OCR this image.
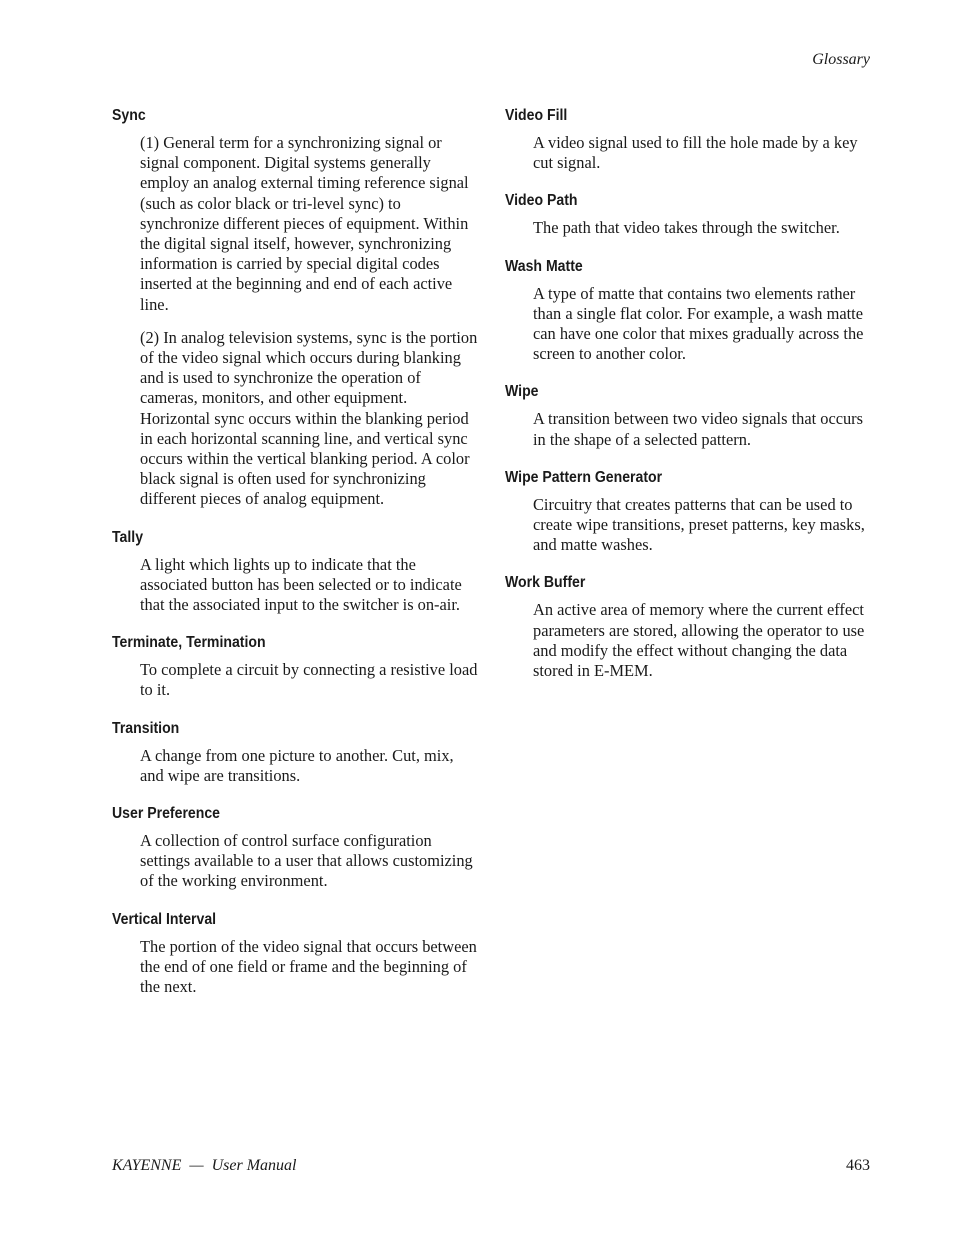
Glossary
Sync

(1) General term for a synchronizing signal or signal component. Digital systems generally employ an analog external timing reference signal (such as color black or tri-level sync) to synchronize different pieces of equipment. Within the digital signal itself, however, synchronizing information is carried by special digital codes inserted at the beginning and end of each active line.

(2) In analog television systems, sync is the portion of the video signal which occurs during blanking and is used to synchronize the operation of cameras, monitors, and other equipment. Horizontal sync occurs within the blanking period in each horizontal scanning line, and vertical sync occurs within the vertical blanking period. A color black signal is often used for synchronizing different pieces of analog equipment.

Tally

A light which lights up to indicate that the associated button has been selected or to indicate that the associated input to the switcher is on-air.

Terminate, Termination

To complete a circuit by connecting a resistive load to it.

Transition

A change from one picture to another. Cut, mix, and wipe are transitions.

User Preference

A collection of control surface configuration settings available to a user that allows customizing of the working environment.

Vertical Interval

The portion of the video signal that occurs between the end of one field or frame and the beginning of the next.

Video Fill

A video signal used to fill the hole made by a key cut signal.

Video Path

The path that video takes through the switcher.

Wash Matte

A type of matte that contains two elements rather than a single flat color. For example, a wash matte can have one color that mixes gradually across the screen to another color.

Wipe

A transition between two video signals that occurs in the shape of a selected pattern.

Wipe Pattern Generator

Circuitry that creates patterns that can be used to create wipe transitions, preset patterns, key masks, and matte washes.

Work Buffer

An active area of memory where the current effect parameters are stored, allowing the operator to use and modify the effect without changing the data stored in E-MEM.

KAYENNE  —  User Manual	463
